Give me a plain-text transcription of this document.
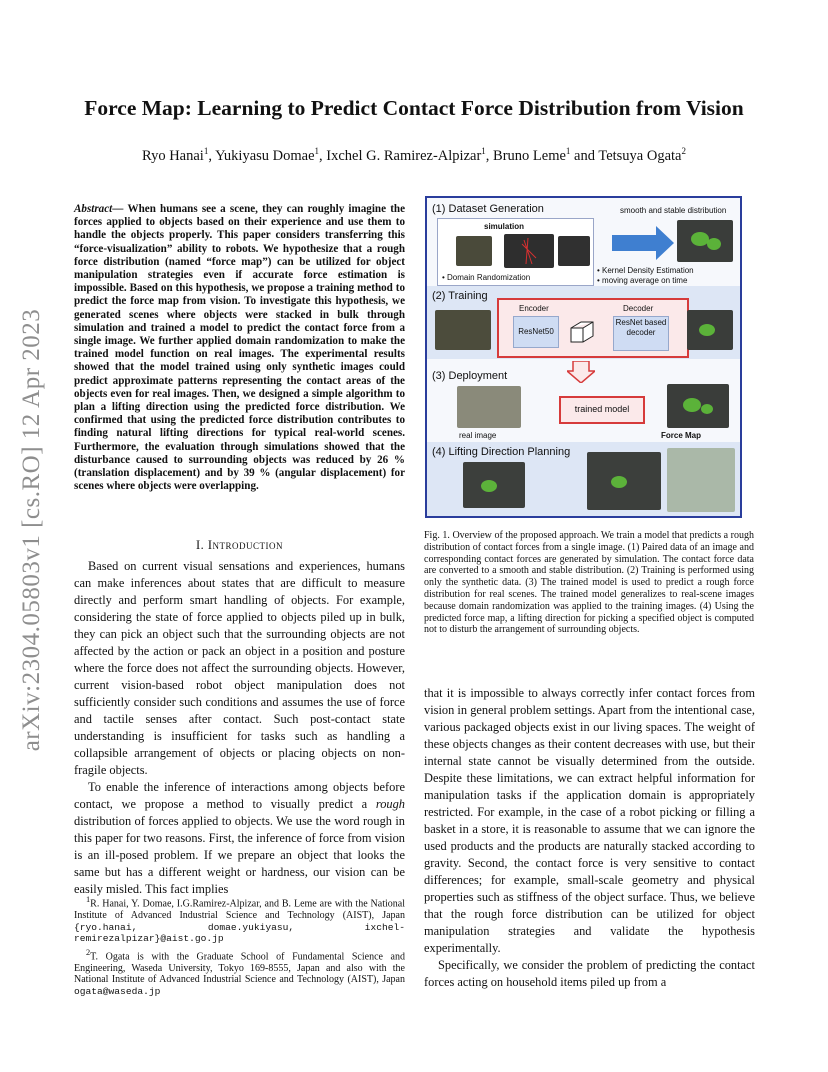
arXiv:2304.05803v1 [cs.RO] 12 Apr 2023
Force Map: Learning to Predict Contact Force Distribution from Vision
Ryo Hanai$^1$, Yukiyasu Domae$^1$, Ixchel G. Ramirez-Alpizar$^1$, Bruno Leme$^1$ and Tetsuya Ogata$^2$
Abstract— When humans see a scene, they can roughly imagine the forces applied to objects based on their experience and use them to handle the objects properly. This paper considers transferring this “force-visualization” ability to robots. We hypothesize that a rough force distribution (named “force map”) can be utilized for object manipulation strategies even if accurate force estimation is impossible. Based on this hypothesis, we propose a training method to predict the force map from vision. To investigate this hypothesis, we generated scenes where objects were stacked in bulk through simulation and trained a model to predict the contact force from a single image. We further applied domain randomization to make the trained model function on real images. The experimental results showed that the model trained using only synthetic images could predict approximate patterns representing the contact areas of the objects even for real images. Then, we designed a simple algorithm to plan a lifting direction using the predicted force distribution. We confirmed that using the predicted force distribution contributes to finding natural lifting directions for typical real-world scenes. Furthermore, the evaluation through simulations showed that the disturbance caused to surrounding objects was reduced by 26 % (translation displacement) and by 39 % (angular displacement) for scenes where objects were overlapping.
I. Introduction

Based on current visual sensations and experiences, humans can make inferences about states that are difficult to measure directly and perform smart handling of objects. For example, considering the state of force applied to objects piled up in bulk, they can pick an object such that the surrounding objects are not affected by the action or pack an object in a position and posture where the force does not affect the surrounding objects. However, current vision-based robot object manipulation does not sufficiently consider such conditions and assumes the use of force and tactile senses after contact. Such post-contact state understanding is insufficient for tasks such as handling a collapsible arrangement of objects or placing objects on non-fragile objects.

To enable the inference of interactions among objects before contact, we propose a method to visually predict a rough distribution of forces applied to objects. We use the word rough in this paper for two reasons. First, the inference of force from vision is an ill-posed problem. If we prepare an object that looks the same but has a different weight or hardness, our vision can be easily misled. This fact implies

$^1$R. Hanai, Y. Domae, I.G.Ramirez-Alpizar, and B. Leme are with the National Institute of Advanced Industrial Science and Technology (AIST), Japan {ryo.hanai, domae.yukiyasu, ixchel-remirezalpizar}@aist.go.jp

$^2$T. Ogata is with the Graduate School of Fundamental Science and Engineering, Waseda University, Tokyo 169-8555, Japan and also with the National Institute of Advanced Industrial Science and Technology (AIST), Japan ogata@waseda.jp

(1) Dataset Generation
simulation
• Domain Randomization
smooth and stable distribution
• Kernel Density Estimation
• moving average on time
(2) Training
Encoder
ResNet50
Decoder
ResNet based decoder
(3) Deployment
trained model
real image	Force Map
(4) Lifting Direction Planning
Fig. 1. Overview of the proposed approach. We train a model that predicts a rough distribution of contact forces from a single image. (1) Paired data of an image and corresponding contact forces are generated by simulation. The contact force data are converted to a smooth and stable distribution. (2) Training is performed using only the synthetic data. (3) The trained model is used to predict a rough force distribution for real scenes. The trained model generalizes to real-scene images because domain randomization was applied to the training images. (4) Using the predicted force map, a lifting direction for picking a specified object is computed not to disturb the arrangement of surrounding objects.

that it is impossible to always correctly infer contact forces from vision in general problem settings. Apart from the intentional case, various packaged objects exist in our living spaces. The weight of these objects changes as their content decreases with use, but their internal state cannot be visually determined from the outside. Despite these limitations, we can extract helpful information for manipulation tasks if the application domain is appropriately restricted. For example, in the case of a robot picking or filling a basket in a store, it is reasonable to assume that we can ignore the used products and the products are naturally stacked according to gravity. Second, the contact force is very sensitive to contact differences; for example, small-scale geometry and physical properties such as stiffness of the object surface. Thus, we believe that the rough force distribution can be utilized for object manipulation strategies and validate the hypothesis experimentally.

Specifically, we consider the problem of predicting the contact forces acting on household items piled up from a
